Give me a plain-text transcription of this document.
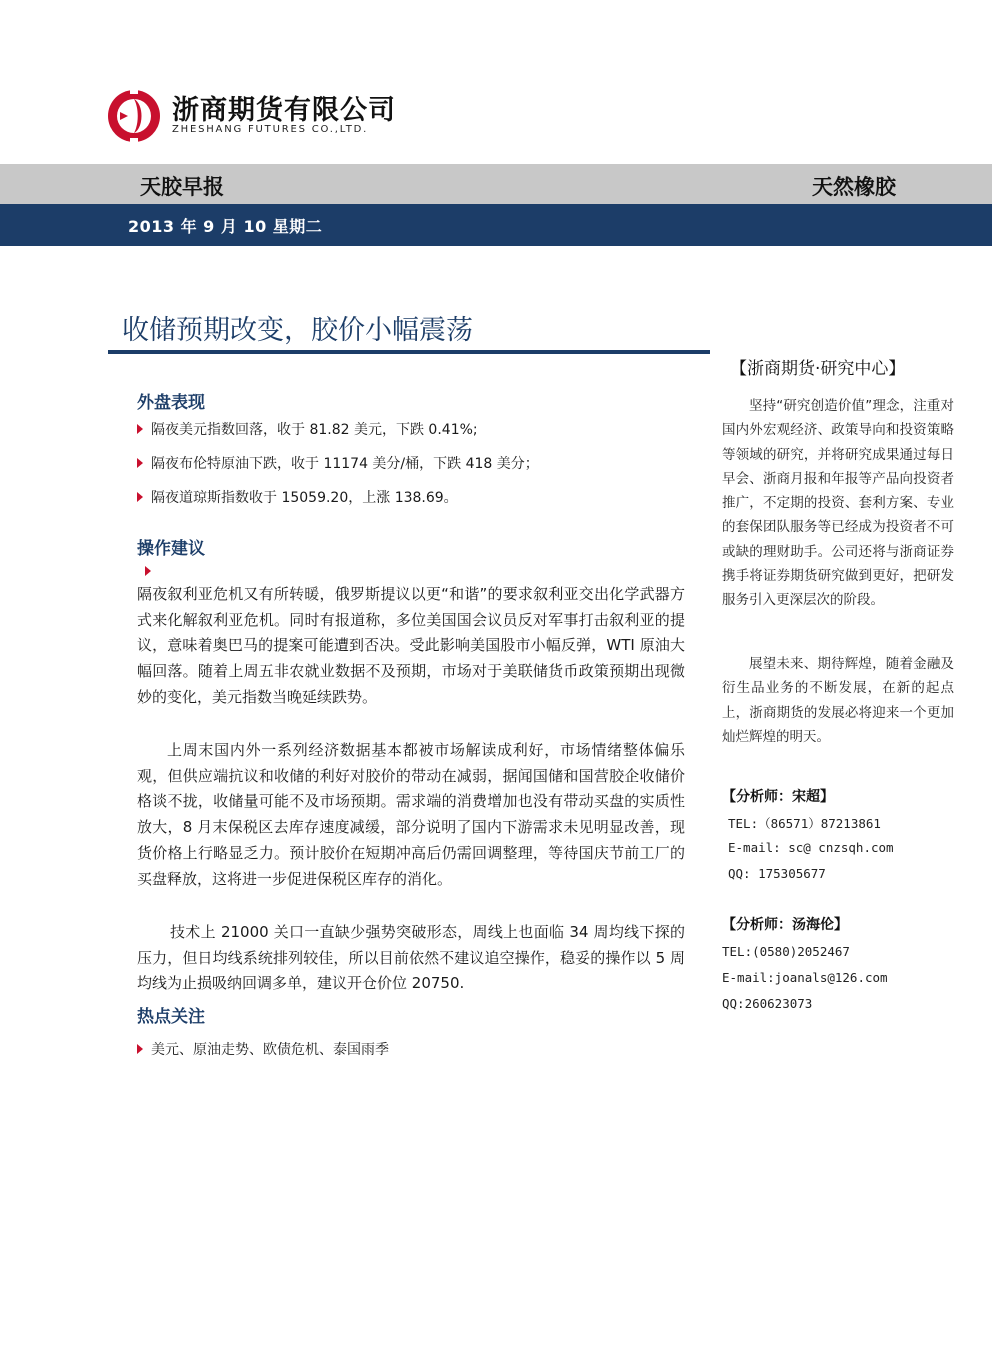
浙商期货有限公司
ZHESHANG FUTURES CO.,LTD.
天胶早报	天然橡胶
2013 年 9 月 10 星期二
收储预期改变，胶价小幅震荡
外盘表现
隔夜美元指数回落，收于 81.82 美元，下跌 0.41%;
隔夜布伦特原油下跌，收于 11174 美分/桶，下跌 418 美分；
隔夜道琼斯指数收于 15059.20，上涨 138.69。
操作建议

隔夜叙利亚危机又有所转暖，俄罗斯提议以更“和谐”的要求叙利亚交出化学武器方式来化解叙利亚危机。同时有报道称，多位美国国会议员反对军事打击叙利亚的提议，意味着奥巴马的提案可能遭到否决。受此影响美国股市小幅反弹，WTI 原油大幅回落。随着上周五非农就业数据不及预期，市场对于美联储货币政策预期出现微妙的变化，美元指数当晚延续跌势。

上周末国内外一系列经济数据基本都被市场解读成利好，市场情绪整体偏乐观，但供应端抗议和收储的利好对胶价的带动在减弱，据闻国储和国营胶企收储价格谈不拢，收储量可能不及市场预期。需求端的消费增加也没有带动买盘的实质性放大，8 月末保税区去库存速度减缓，部分说明了国内下游需求未见明显改善，现货价格上行略显乏力。预计胶价在短期冲高后仍需回调整理，等待国庆节前工厂的买盘释放，这将进一步促进保税区库存的消化。

技术上 21000 关口一直缺少强势突破形态，周线上也面临 34 周均线下探的压力，但日均线系统排列较佳，所以目前依然不建议追空操作，稳妥的操作以 5 周均线为止损吸纳回调多单，建议开仓价位 20750.

热点关注
美元、原油走势、欧债危机、泰国雨季
【浙商期货·研究中心】

坚持“研究创造价值”理念，注重对国内外宏观经济、政策导向和投资策略等领域的研究，并将研究成果通过每日早会、浙商月报和年报等产品向投资者推广，不定期的投资、套利方案、专业的套保团队服务等已经成为投资者不可或缺的理财助手。公司还将与浙商证券携手将证券期货研究做到更好，把研发服务引入更深层次的阶段。

展望未来、期待辉煌，随着金融及衍生品业务的不断发展，在新的起点上，浙商期货的发展必将迎来一个更加灿烂辉煌的明天。

【分析师：宋超】
TEL:（86571）87213861
E-mail: sc@ cnzsqh.com
QQ: 175305677
【分析师：汤海伦】
TEL:(0580)2052467
E-mail:joanals@126.com
QQ:260623073
